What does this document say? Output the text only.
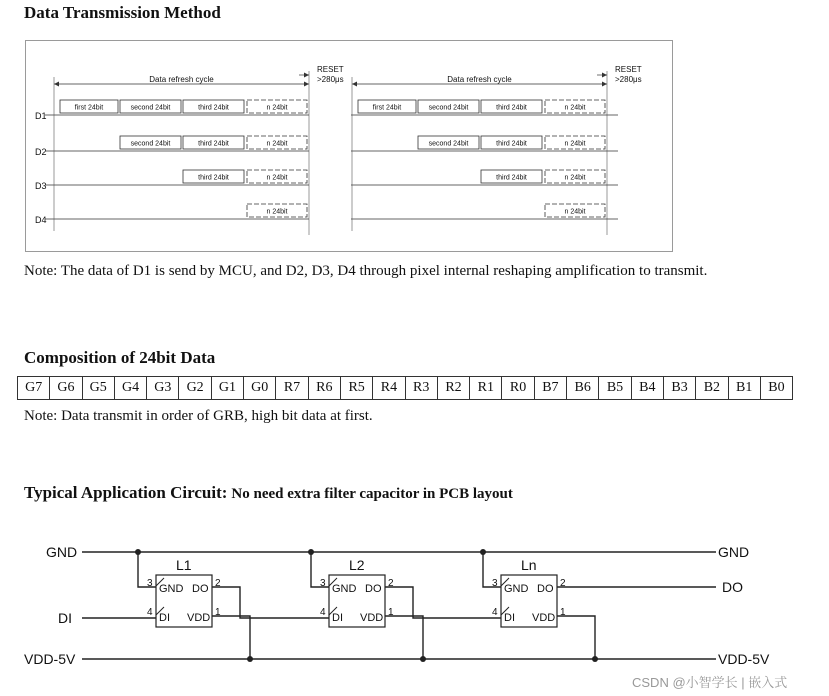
Data Transmission Method
D1
D2
D3
D4
Data refresh cycle
RESET
>280μs
first 24bit	second 24bit	third 24bit	n 24bit
second 24bit	third 24bit	n 24bit
third 24bit	n 24bit
n 24bit
Data refresh cycle
RESET
>280μs
first 24bit	second 24bit	third 24bit	n 24bit
second 24bit	third 24bit	n 24bit
third 24bit	n 24bit
n 24bit
Note: The data of D1 is send by MCU, and D2, D3, D4 through pixel internal reshaping amplification to transmit.
Composition of 24bit Data
G7	G6	G5	G4	G3	G2	G1	G0	R7	R6	R5	R4	R3	R2	R1	R0	B7	B6	B5	B4	B3	B2	B1	B0
Note: Data transmit in order of GRB, high bit data at first.
Typical Application Circuit: No need extra filter capacitor in PCB layout
GND	GND
VDD-5V	VDD-5V
DI
DO
L1
GND DO
DI VDD
3	2
4	1
L2
GND DO
DI VDD
3	2
4	1
Ln
GND DO
DI VDD
3	2
4	1
CSDN @小智学长 | 嵌入式
